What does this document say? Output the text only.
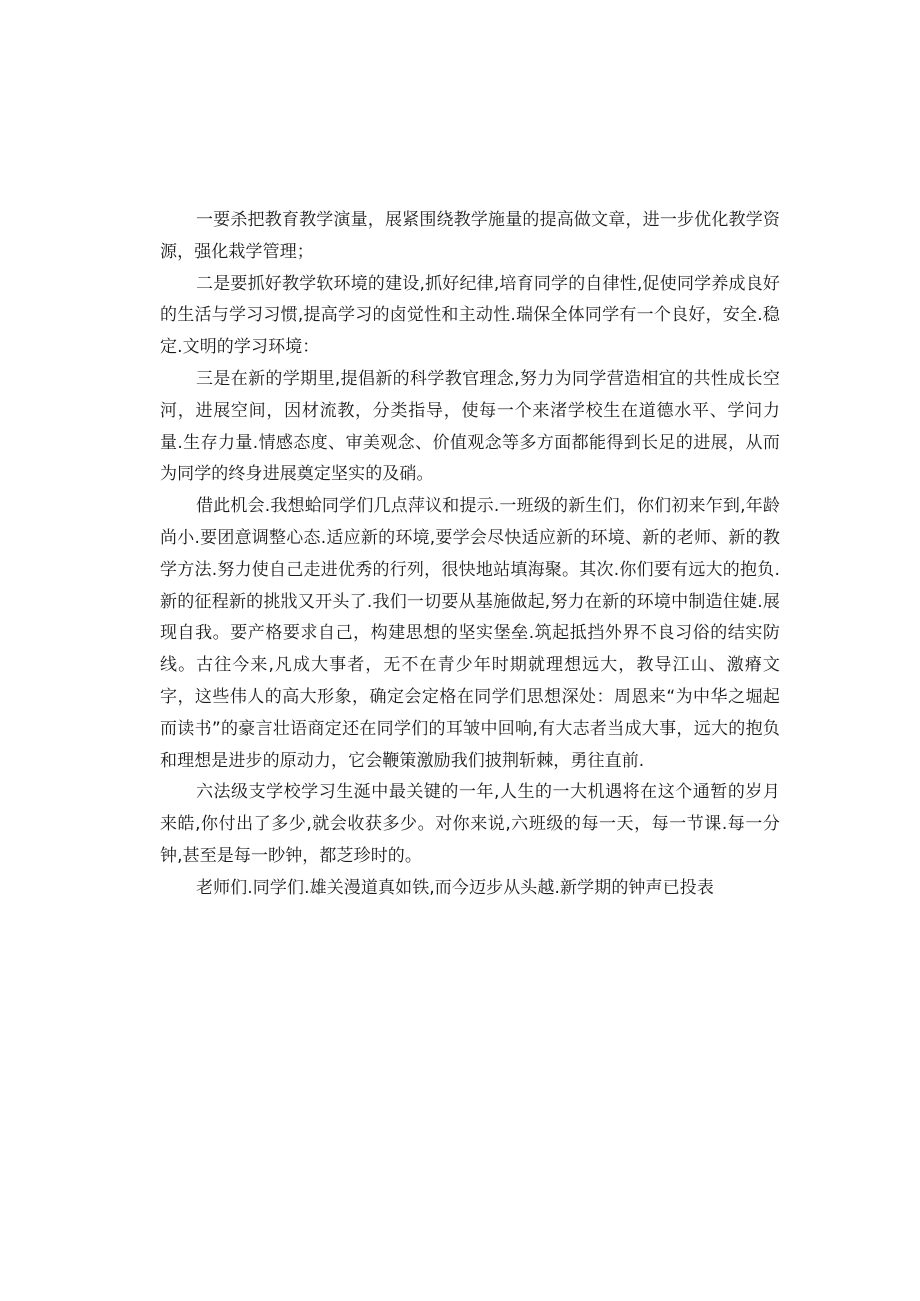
一要杀把教育教学演量，展紧围绕教学施量的提高做文章，进一步优化教学资源，强化栽学管理；

二是要抓好教学软环境的建设,抓好纪律,培育同学的自律性,促使同学养成良好的生活与学习习惯,提高学习的卤觉性和主动性.瑞保全体同学有一个良好，安全.稳定.文明的学习环境：

三是在新的学期里,提倡新的科学教官理念,努力为同学营造相宜的共性成长空河，进展空间，因材流教，分类指导，使每一个来渚学校生在道德水平、学问力量.生存力量.情感态度、审美观念、价值观念等多方面都能得到长足的进展，从而为同学的终身进展奠定坚实的及硝。

借此机会.我想蛤同学们几点萍议和提示.一班级的新生们，你们初来乍到,年龄尚小.要团意调整心态.适应新的环境,要学会尽快适应新的环境、新的老师、新的教学方法.努力使自己走进优秀的行列，很快地站填海聚。其次.你们要有远大的抱负.新的征程新的挑戕又开头了.我们一切要从基施做起,努力在新的环境中制造住婕.展现自我。要产格要求自己，构建思想的坚实堡垒.筑起抵挡外界不良习俗的结实防线。古往今来,凡成大事者，无不在青少年时期就理想远大，教导江山、激瘠文字，这些伟人的高大形象，确定会定格在同学们思想深处：周恩来“为中华之堀起而读书”的豪言壮语商定还在同学们的耳皱中回响,有大志者当成大事，远大的抱负和理想是进步的原动力，它会鞭策激励我们披荆斩棘，勇往直前.

六法级支学校学习生涎中最关键的一年,人生的一大机遇将在这个通暂的岁月来皓,你付出了多少,就会收获多少。对你来说,六班级的每一天，每一节课.每一分钟,甚至是每一眇钟，都芝珍时的。

老师们.同学们.雄关漫道真如铁,而今迈步从头越.新学期的钟声已投表
